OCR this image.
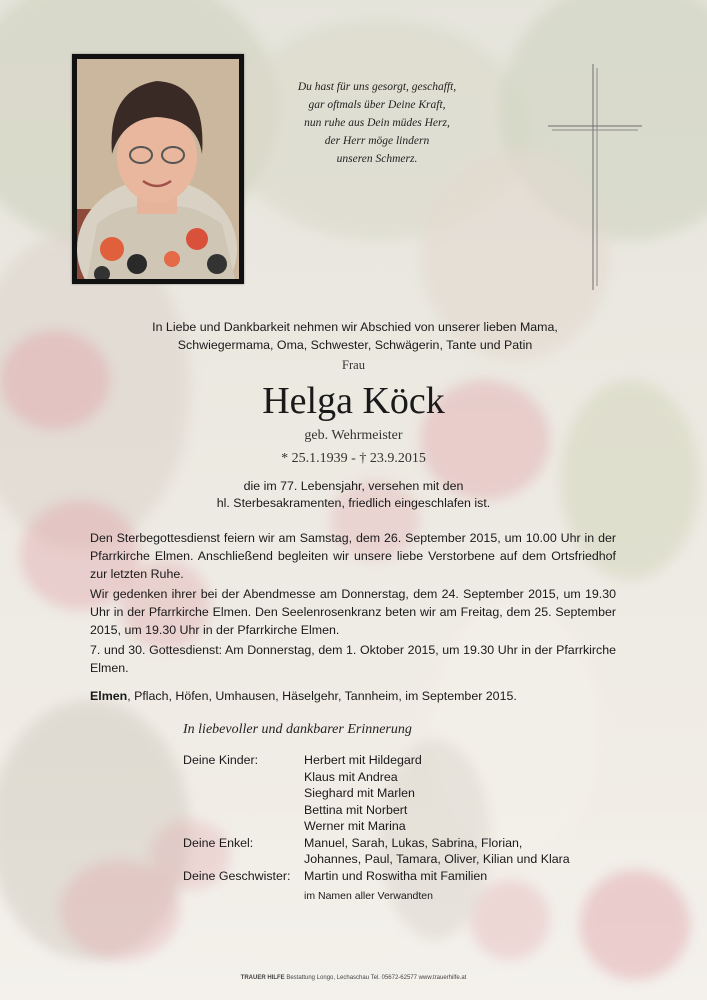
Du hast für uns gesorgt, geschafft,
gar oftmals über Deine Kraft,
nun ruhe aus Dein müdes Herz,
der Herr möge lindern
unseren Schmerz.
In Liebe und Dankbarkeit nehmen wir Abschied von unserer lieben Mama,
Schwiegermama, Oma, Schwester, Schwägerin, Tante und Patin
Frau
Helga Köck
geb. Wehrmeister
* 25.1.1939 - † 23.9.2015
die im 77. Lebensjahr, versehen mit den
hl. Sterbesakramenten, friedlich eingeschlafen ist.
Den Sterbegottesdienst feiern wir am Samstag, dem 26. September 2015, um 10.00 Uhr in der Pfarrkirche Elmen. Anschließend begleiten wir unsere liebe Verstorbene auf dem Ortsfriedhof zur letzten Ruhe.
Wir gedenken ihrer bei der Abendmesse am Donnerstag, dem 24. September 2015, um 19.30 Uhr in der Pfarrkirche Elmen. Den Seelenrosenkranz beten wir am Freitag, dem 25. September 2015, um 19.30 Uhr in der Pfarrkirche Elmen.
7. und 30. Gottesdienst: Am Donnerstag, dem 1. Oktober 2015, um 19.30 Uhr in der Pfarrkirche Elmen.
Elmen, Pflach, Höfen, Umhausen, Häselgehr, Tannheim, im September 2015.
In liebevoller und dankbarer Erinnerung
Deine Kinder:	Herbert mit Hildegard
Klaus mit Andrea
Sieghard mit Marlen
Bettina mit Norbert
Werner mit Marina
Deine Enkel:	Manuel, Sarah, Lukas, Sabrina, Florian,
Johannes, Paul, Tamara, Oliver, Kilian und Klara
Deine Geschwister:	Martin und Roswitha mit Familien
im Namen aller Verwandten
TRAUER HILFE Bestattung Longo, Lechaschau Tel. 05672-62577 www.trauerhilfe.at
